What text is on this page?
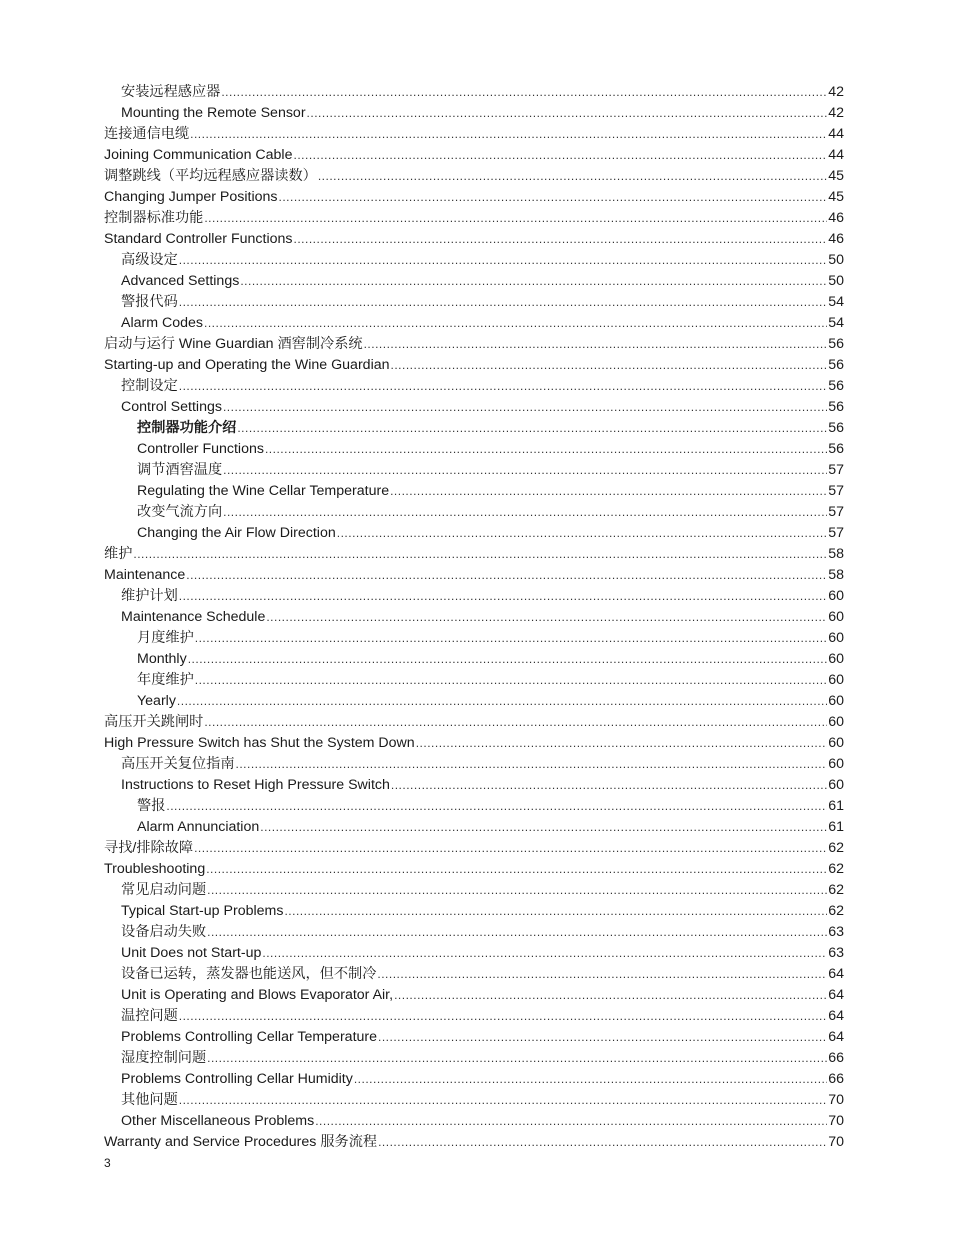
安装远程感应器 .....	42
Mounting the Remote Sensor .....	42
连接通信电缆 .....	44
Joining Communication Cable .....	44
调整跳线（平均远程感应器读数） .....	45
Changing Jumper Positions .....	45
控制器标准功能 .....	46
Standard Controller Functions .....	46
高级设定 .....	50
Advanced Settings .....	50
警报代码 .....	54
Alarm Codes .....	54
启动与运行 Wine Guardian 酒窖制冷系统 .....	56
Starting-up and Operating the Wine Guardian .....	56
控制设定 .....	56
Control Settings .....	56
控制器功能介绍 .....	56
Controller Functions .....	56
调节酒窖温度 .....	57
Regulating the Wine Cellar Temperature .....	57
改变气流方向 .....	57
Changing the Air Flow Direction .....	57
维护 .....	58
Maintenance .....	58
维护计划 .....	60
Maintenance Schedule .....	60
月度维护 .....	60
Monthly .....	60
年度维护 .....	60
Yearly .....	60
高压开关跳闸时 .....	60
High Pressure Switch has Shut the System Down .....	60
高压开关复位指南 .....	60
Instructions to Reset High Pressure Switch .....	60
警报 .....	61
Alarm Annunciation .....	61
寻找/排除故障 .....	62
Troubleshooting .....	62
常见启动问题 .....	62
Typical Start-up Problems .....	62
设备启动失败 .....	63
Unit Does not Start-up .....	63
设备已运转，蒸发器也能送风，但不制冷 .....	64
Unit is Operating and Blows Evaporator Air, .....	64
温控问题 .....	64
Problems Controlling Cellar Temperature .....	64
湿度控制问题 .....	66
Problems Controlling Cellar Humidity .....	66
其他问题 .....	70
Other Miscellaneous Problems .....	70
Warranty and Service Procedures 服务流程 .....	70
3
